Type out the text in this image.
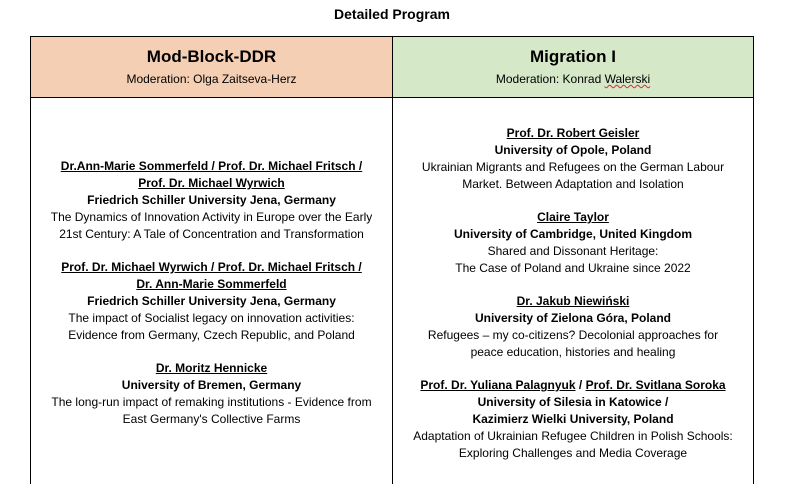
Detailed Program
Mod-Block-DDR
Moderation: Olga Zaitseva-Herz
Migration I
Moderation: Konrad Walerski
Dr.Ann-Marie Sommerfeld / Prof. Dr. Michael Fritsch /
Prof. Dr. Michael Wyrwich
Friedrich Schiller University Jena, Germany
The Dynamics of Innovation Activity in Europe over the Early
21st Century: A Tale of Concentration and Transformation
Prof. Dr. Michael Wyrwich / Prof. Dr. Michael Fritsch /
Dr. Ann-Marie Sommerfeld
Friedrich Schiller University Jena, Germany
The impact of Socialist legacy on innovation activities:
Evidence from Germany, Czech Republic, and Poland
Dr. Moritz Hennicke
University of Bremen, Germany
The long-run impact of remaking institutions - Evidence from
East Germany's Collective Farms
Prof. Dr. Robert Geisler
University of Opole, Poland
Ukrainian Migrants and Refugees on the German Labour
Market. Between Adaptation and Isolation
Claire Taylor
University of Cambridge, United Kingdom
Shared and Dissonant Heritage:
The Case of Poland and Ukraine since 2022
Dr. Jakub Niewiński
University of Zielona Góra, Poland
Refugees – my co-citizens? Decolonial approaches for
peace education, histories and healing
Prof. Dr. Yuliana Palagnyuk / Prof. Dr. Svitlana Soroka
University of Silesia in Katowice /
Kazimierz Wielki University, Poland
Adaptation of Ukrainian Refugee Children in Polish Schools:
Exploring Challenges and Media Coverage
